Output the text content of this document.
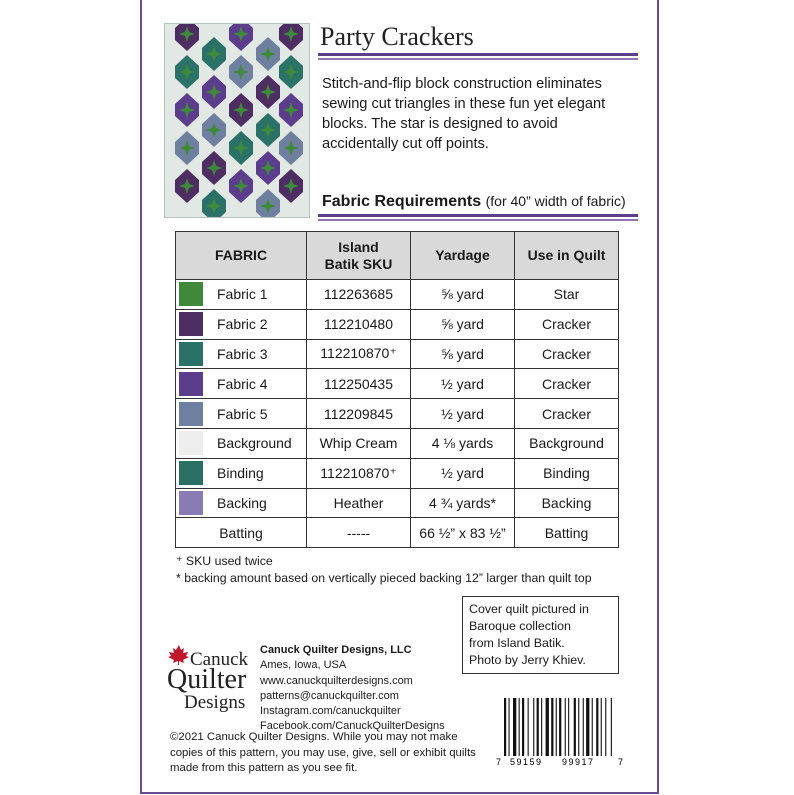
Party Crackers
Stitch-and-flip block construction eliminates sewing cut triangles in these fun yet elegant blocks. The star is designed to avoid accidentally cut off points.
Fabric Requirements (for 40” width of fabric)
FABRIC	Island Batik SKU	Yardage	Use in Quilt

Fabric 1	112263685	⅝ yard	Star

Fabric 2	112210480	⅝ yard	Cracker

Fabric 3	112210870⁺	⅝ yard	Cracker

Fabric 4	112250435	½ yard	Cracker

Fabric 5	112209845	½ yard	Cracker

Background	Whip Cream	4 ⅛ yards	Background

Binding	112210870⁺	½ yard	Binding

Backing	Heather	4 ¾ yards*	Backing
Batting	-----	66 ½” x 83 ½”	Batting
⁺ SKU used twice
* backing amount based on vertically pieced backing 12” larger than quilt top
Cover quilt pictured in
Baroque collection
from Island Batik.
Photo by Jerry Khiev.
Canuck
Quilter
Designs
Canuck Quilter Designs, LLC
Ames, Iowa, USA
www.canuckquilterdesigns.com
patterns@canuckquilter.com
Instagram.com/canuckquilter
Facebook.com/CanuckQuilterDesigns
©2021 Canuck Quilter Designs. While you may not make copies of this pattern, you may use, give, sell or exhibit quilts made from this pattern as you see fit.	7 59159 99917	7
